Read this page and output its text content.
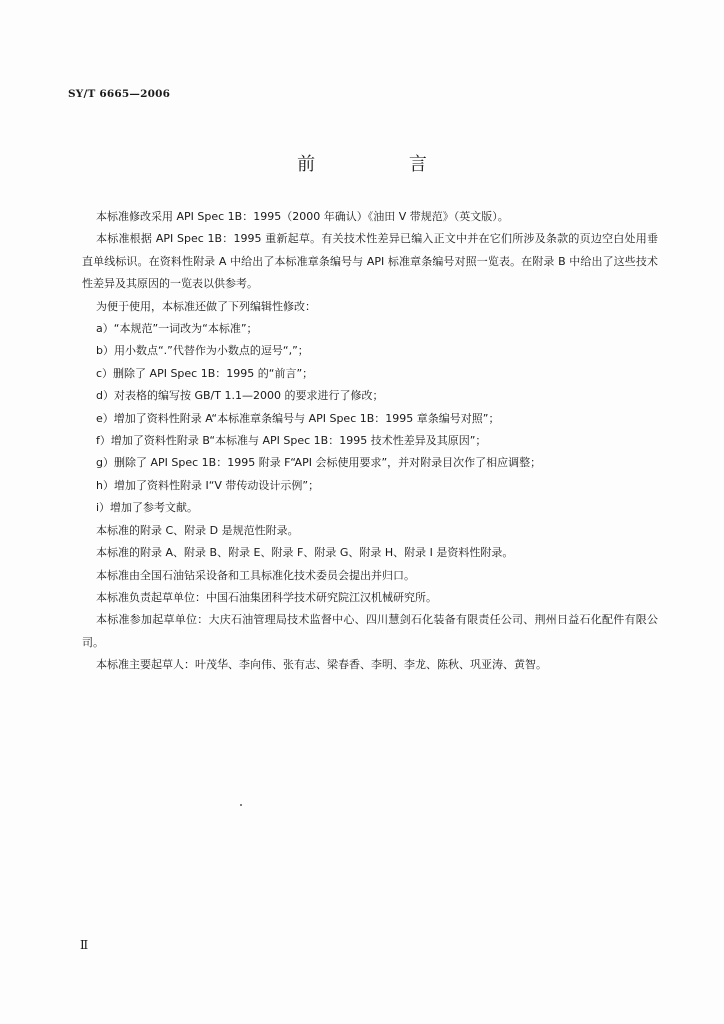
SY/T 6665—2006
前 言

本标准修改采用 API Spec 1B：1995（2000 年确认）《油田 V 带规范》（英文版）。

本标准根据 API Spec 1B：1995 重新起草。有关技术性差异已编入正文中并在它们所涉及条款的页边空白处用垂直单线标识。在资料性附录 A 中给出了本标准章条编号与 API 标准章条编号对照一览表。在附录 B 中给出了这些技术性差异及其原因的一览表以供参考。

为便于使用，本标准还做了下列编辑性修改：

a）“本规范”一词改为“本标准”；

b）用小数点“.”代替作为小数点的逗号“,”；

c）删除了 API Spec 1B：1995 的“前言”；

d）对表格的编写按 GB/T 1.1—2000 的要求进行了修改；

e）增加了资料性附录 A“本标准章条编号与 API Spec 1B：1995 章条编号对照”；

f）增加了资料性附录 B“本标准与 API Spec 1B：1995 技术性差异及其原因”；

g）删除了 API Spec 1B：1995 附录 F“API 会标使用要求”，并对附录目次作了相应调整；

h）增加了资料性附录 I“V 带传动设计示例”；

i）增加了参考文献。

本标准的附录 C、附录 D 是规范性附录。

本标准的附录 A、附录 B、附录 E、附录 F、附录 G、附录 H、附录 I 是资料性附录。

本标准由全国石油钻采设备和工具标准化技术委员会提出并归口。

本标准负责起草单位：中国石油集团科学技术研究院江汉机械研究所。

本标准参加起草单位：大庆石油管理局技术监督中心、四川慧剑石化装备有限责任公司、荆州日益石化配件有限公司。

本标准主要起草人：叶茂华、李向伟、张有志、梁春香、李明、李龙、陈秋、巩亚涛、黄智。

Ⅱ
